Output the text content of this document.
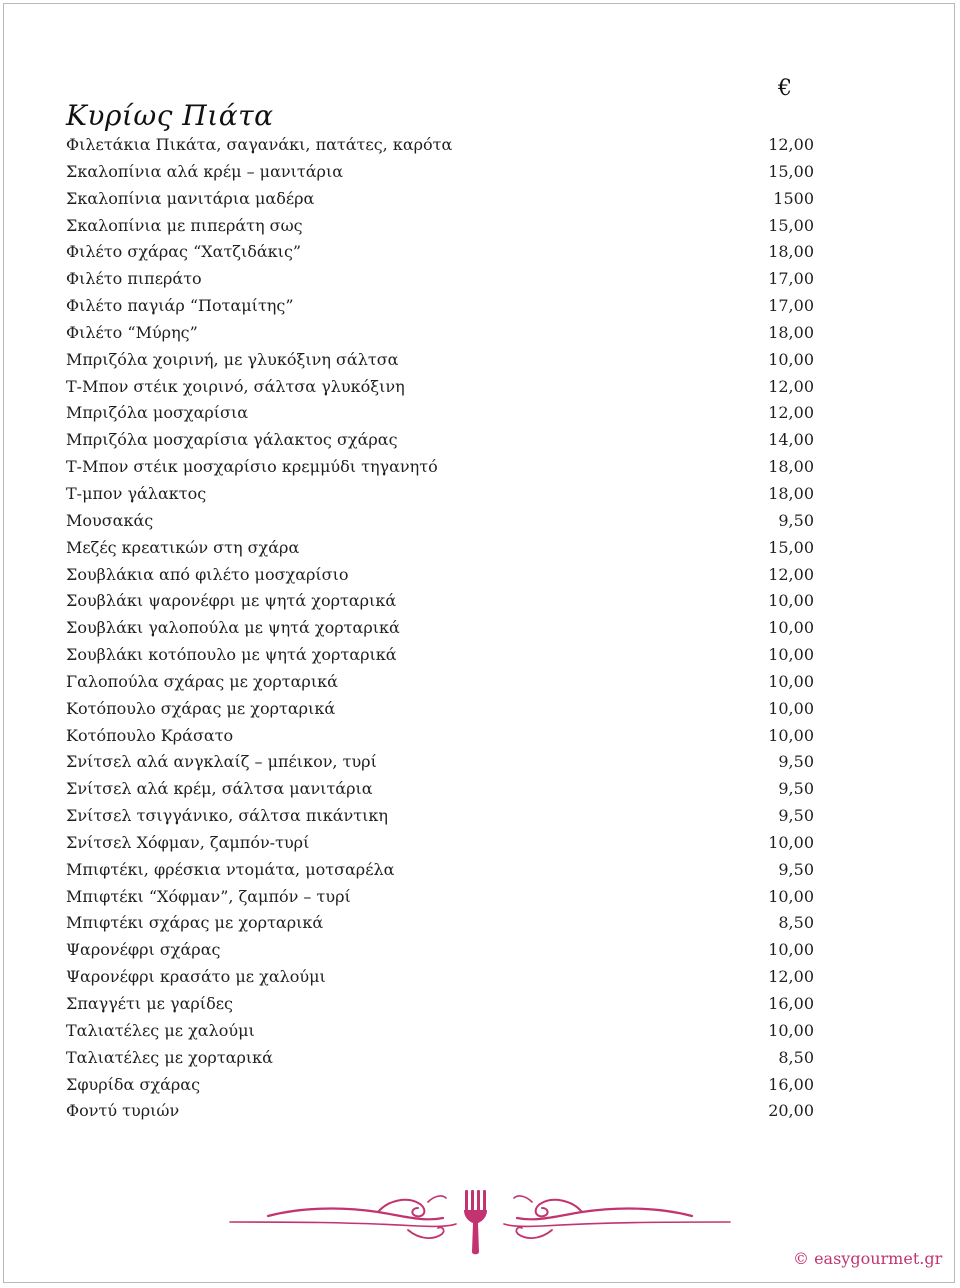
Κυρίως Πιάτα
€
Φιλετάκια Πικάτα, σαγανάκι, πατάτες, καρότα	12,00
Σκαλοπίνια αλά κρέμ – μανιτάρια	15,00
Σκαλοπίνια μανιτάρια μαδέρα	1500
Σκαλοπίνια με πιπεράτη σως	15,00
Φιλέτο σχάρας “Χατζιδάκις”	18,00
Φιλέτο πιπεράτο	17,00
Φιλέτο παγιάρ “Ποταμίτης”	17,00
Φιλέτο “Μύρης”	18,00
Μπριζόλα χοιρινή, με γλυκόξινη σάλτσα	10,00
Τ-Μπον στέικ χοιρινό, σάλτσα γλυκόξινη	12,00
Μπριζόλα μοσχαρίσια	12,00
Μπριζόλα μοσχαρίσια γάλακτος σχάρας	14,00
Τ-Μπον στέικ μοσχαρίσιο κρεμμύδι τηγανητό	18,00
Τ-μπον γάλακτος	18,00
Μουσακάς	9,50
Μεζές κρεατικών στη σχάρα	15,00
Σουβλάκια από φιλέτο μοσχαρίσιο	12,00
Σουβλάκι ψαρονέφρι με ψητά χορταρικά	10,00
Σουβλάκι γαλοπούλα με ψητά χορταρικά	10,00
Σουβλάκι κοτόπουλο με ψητά χορταρικά	10,00
Γαλοπούλα σχάρας με χορταρικά	10,00
Κοτόπουλο σχάρας με χορταρικά	10,00
Κοτόπουλο Κράσατο	10,00
Σνίτσελ αλά ανγκλαίζ – μπέικον, τυρί	9,50
Σνίτσελ αλά κρέμ, σάλτσα μανιτάρια	9,50
Σνίτσελ τσιγγάνικο, σάλτσα πικάντικη	9,50
Σνίτσελ Χόφμαν, ζαμπόν-τυρί	10,00
Μπιφτέκι, φρέσκια ντομάτα, μοτσαρέλα	9,50
Μπιφτέκι “Χόφμαν”, ζαμπόν – τυρί	10,00
Μπιφτέκι σχάρας με χορταρικά	8,50
Ψαρονέφρι σχάρας	10,00
Ψαρονέφρι κρασάτο με χαλούμι	12,00
Σπαγγέτι με γαρίδες	16,00
Ταλιατέλες με χαλούμι	10,00
Ταλιατέλες με χορταρικά	8,50
Σφυρίδα σχάρας	16,00
Φοντύ τυριών	20,00
© easygourmet.gr
